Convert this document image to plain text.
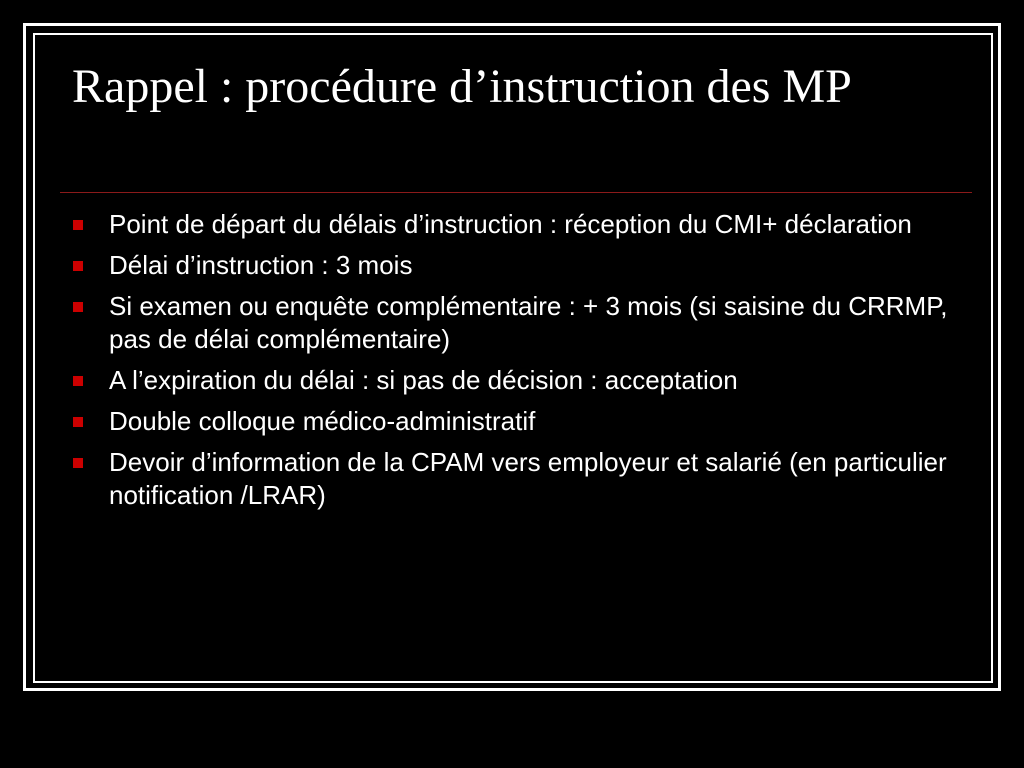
Rappel : procédure d’instruction des MP
Point de départ du délais d’instruction : réception du CMI+ déclaration
Délai d’instruction : 3 mois
Si examen ou enquête complémentaire : + 3 mois (si saisine du CRRMP, pas de délai complémentaire)
A l’expiration du délai : si pas de décision : acceptation
Double colloque médico-administratif
Devoir d’information de la CPAM vers employeur et salarié (en particulier notification /LRAR)
